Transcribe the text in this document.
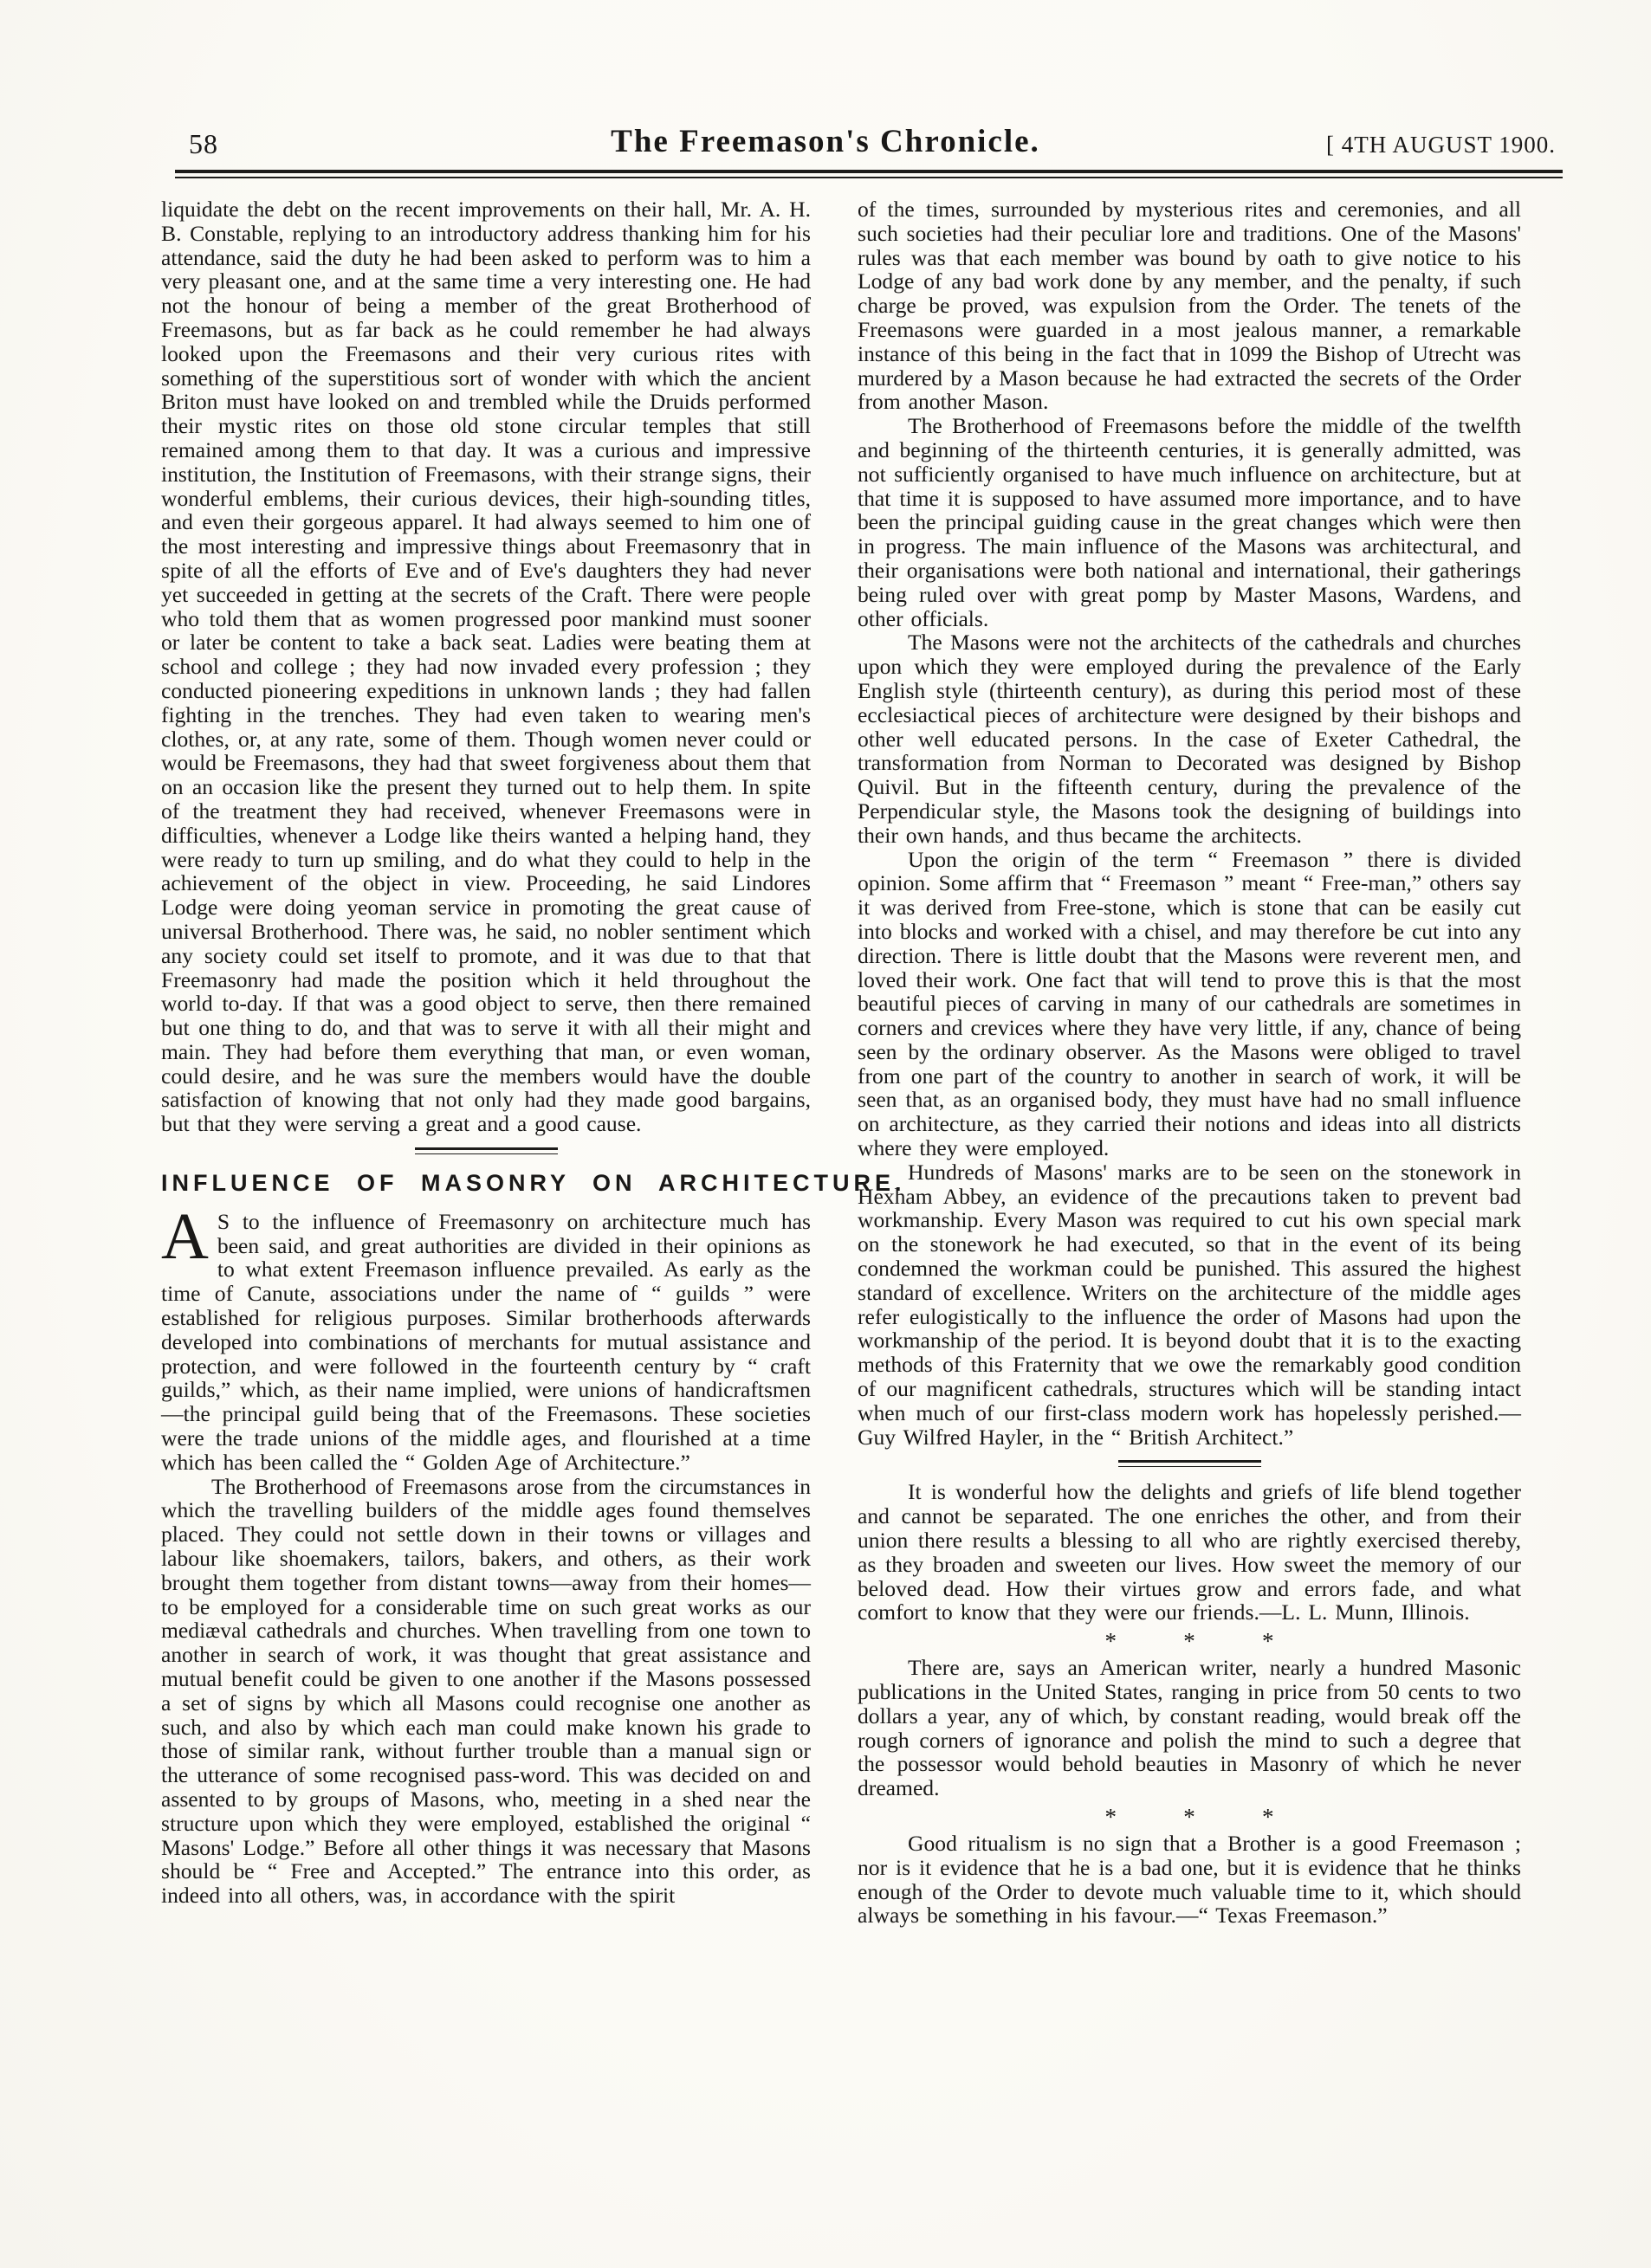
58	The Freemason's Chronicle.	[ 4TH AUGUST 1900.

liquidate the debt on the recent improvements on their hall, Mr. A. H. B. Constable, replying to an introductory address thanking him for his attendance, said the duty he had been asked to perform was to him a very pleasant one, and at the same time a very interesting one. He had not the honour of being a member of the great Brotherhood of Freemasons, but as far back as he could remember he had always looked upon the Freemasons and their very curious rites with something of the superstitious sort of wonder with which the ancient Briton must have looked on and trembled while the Druids performed their mystic rites on those old stone circular temples that still remained among them to that day. It was a curious and impressive institution, the Institution of Freemasons, with their strange signs, their wonderful emblems, their curious devices, their high-sounding titles, and even their gorgeous apparel. It had always seemed to him one of the most interesting and impressive things about Freemasonry that in spite of all the efforts of Eve and of Eve's daughters they had never yet succeeded in getting at the secrets of the Craft. There were people who told them that as women progressed poor mankind must sooner or later be content to take a back seat. Ladies were beating them at school and college ; they had now invaded every profession ; they conducted pioneering expeditions in unknown lands ; they had fallen fighting in the trenches. They had even taken to wearing men's clothes, or, at any rate, some of them. Though women never could or would be Freemasons, they had that sweet forgiveness about them that on an occasion like the present they turned out to help them. In spite of the treatment they had received, whenever Freemasons were in difficulties, whenever a Lodge like theirs wanted a helping hand, they were ready to turn up smiling, and do what they could to help in the achievement of the object in view. Proceeding, he said Lindores Lodge were doing yeoman service in promoting the great cause of universal Brotherhood. There was, he said, no nobler sentiment which any society could set itself to promote, and it was due to that that Freemasonry had made the position which it held throughout the world to-day. If that was a good object to serve, then there remained but one thing to do, and that was to serve it with all their might and main. They had before them everything that man, or even woman, could desire, and he was sure the members would have the double satisfaction of knowing that not only had they made good bargains, but that they were serving a great and a good cause.

INFLUENCE OF MASONRY ON ARCHITECTURE.

A S to the influence of Freemasonry on architecture much has been said, and great authorities are divided in their opinions as to what extent Freemason influence prevailed. As early as the time of Canute, associations under the name of “ guilds ” were established for religious purposes. Similar brotherhoods afterwards developed into combinations of merchants for mutual assistance and protection, and were followed in the fourteenth century by “ craft guilds,” which, as their name implied, were unions of handicraftsmen—the principal guild being that of the Freemasons. These societies were the trade unions of the middle ages, and flourished at a time which has been called the “ Golden Age of Architecture.”

The Brotherhood of Freemasons arose from the circumstances in which the travelling builders of the middle ages found themselves placed. They could not settle down in their towns or villages and labour like shoemakers, tailors, bakers, and others, as their work brought them together from distant towns—away from their homes—to be employed for a considerable time on such great works as our mediæval cathedrals and churches. When travelling from one town to another in search of work, it was thought that great assistance and mutual benefit could be given to one another if the Masons possessed a set of signs by which all Masons could recognise one another as such, and also by which each man could make known his grade to those of similar rank, without further trouble than a manual sign or the utterance of some recognised pass-word. This was decided on and assented to by groups of Masons, who, meeting in a shed near the structure upon which they were employed, established the original “ Masons' Lodge.” Before all other things it was necessary that Masons should be “ Free and Accepted.” The entrance into this order, as indeed into all others, was, in accordance with the spirit

of the times, surrounded by mysterious rites and ceremonies, and all such societies had their peculiar lore and traditions. One of the Masons' rules was that each member was bound by oath to give notice to his Lodge of any bad work done by any member, and the penalty, if such charge be proved, was expulsion from the Order. The tenets of the Freemasons were guarded in a most jealous manner, a remarkable instance of this being in the fact that in 1099 the Bishop of Utrecht was murdered by a Mason because he had extracted the secrets of the Order from another Mason.

The Brotherhood of Freemasons before the middle of the twelfth and beginning of the thirteenth centuries, it is generally admitted, was not sufficiently organised to have much influence on architecture, but at that time it is supposed to have assumed more importance, and to have been the principal guiding cause in the great changes which were then in progress. The main influence of the Masons was architectural, and their organisations were both national and international, their gatherings being ruled over with great pomp by Master Masons, Wardens, and other officials.

The Masons were not the architects of the cathedrals and churches upon which they were employed during the prevalence of the Early English style (thirteenth century), as during this period most of these ecclesiactical pieces of architecture were designed by their bishops and other well educated persons. In the case of Exeter Cathedral, the transformation from Norman to Decorated was designed by Bishop Quivil. But in the fifteenth century, during the prevalence of the Perpendicular style, the Masons took the designing of buildings into their own hands, and thus became the architects.

Upon the origin of the term “ Freemason ” there is divided opinion. Some affirm that “ Freemason ” meant “ Free-man,” others say it was derived from Free-stone, which is stone that can be easily cut into blocks and worked with a chisel, and may therefore be cut into any direction. There is little doubt that the Masons were reverent men, and loved their work. One fact that will tend to prove this is that the most beautiful pieces of carving in many of our cathedrals are sometimes in corners and crevices where they have very little, if any, chance of being seen by the ordinary observer. As the Masons were obliged to travel from one part of the country to another in search of work, it will be seen that, as an organised body, they must have had no small influence on architecture, as they carried their notions and ideas into all districts where they were employed.

Hundreds of Masons' marks are to be seen on the stonework in Hexham Abbey, an evidence of the precautions taken to prevent bad workmanship. Every Mason was required to cut his own special mark on the stonework he had executed, so that in the event of its being condemned the workman could be punished. This assured the highest standard of excellence. Writers on the architecture of the middle ages refer eulogistically to the influence the order of Masons had upon the workmanship of the period. It is beyond doubt that it is to the exacting methods of this Fraternity that we owe the remarkably good condition of our magnificent cathedrals, structures which will be standing intact when much of our first-class modern work has hopelessly perished.—Guy Wilfred Hayler, in the “ British Architect.”

It is wonderful how the delights and griefs of life blend together and cannot be separated. The one enriches the other, and from their union there results a blessing to all who are rightly exercised thereby, as they broaden and sweeten our lives. How sweet the memory of our beloved dead. How their virtues grow and errors fade, and what comfort to know that they were our friends.—L. L. Munn, Illinois.

* * *

There are, says an American writer, nearly a hundred Masonic publications in the United States, ranging in price from 50 cents to two dollars a year, any of which, by constant reading, would break off the rough corners of ignorance and polish the mind to such a degree that the possessor would behold beauties in Masonry of which he never dreamed.

* * *

Good ritualism is no sign that a Brother is a good Freemason ; nor is it evidence that he is a bad one, but it is evidence that he thinks enough of the Order to devote much valuable time to it, which should always be something in his favour.—“ Texas Freemason.”
